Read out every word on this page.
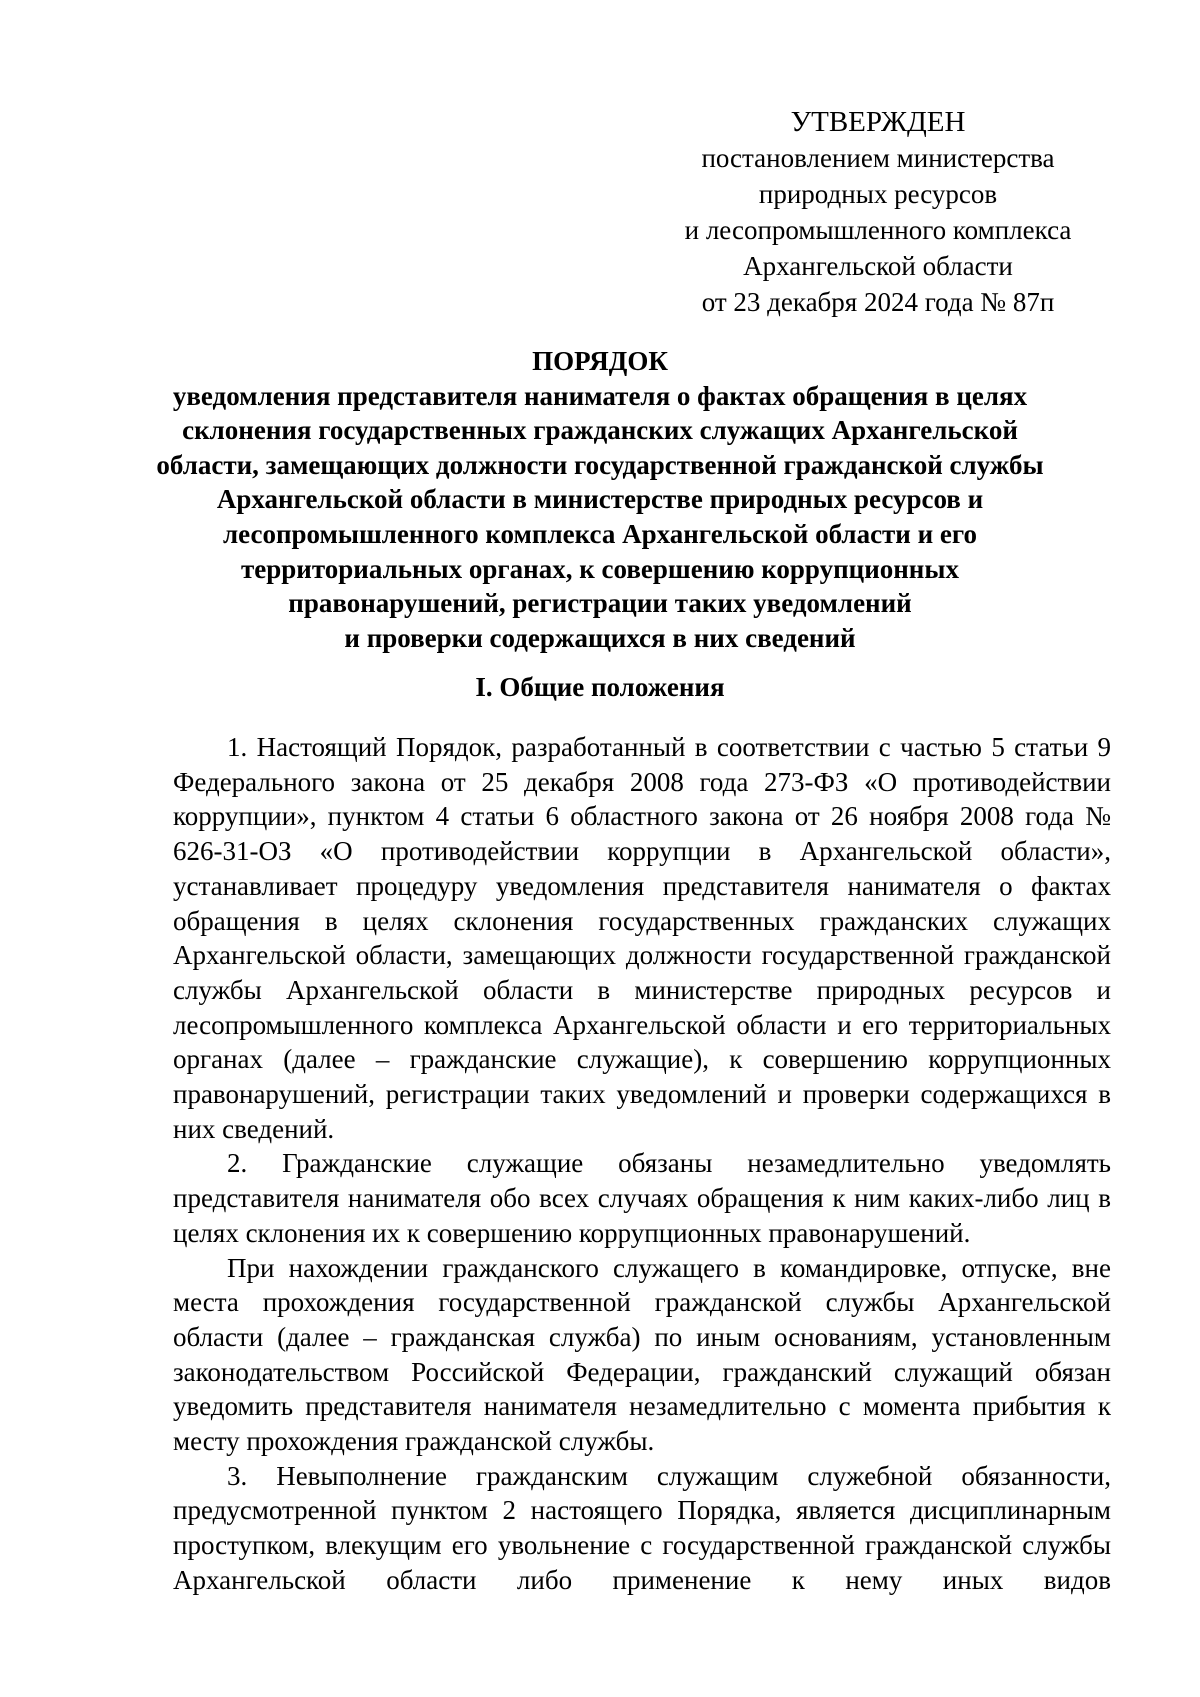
УТВЕРЖДЕН
постановлением министерства
природных ресурсов
и лесопромышленного комплекса
Архангельской области
от 23 декабря 2024 года № 87п
ПОРЯДОК
уведомления представителя нанимателя о фактах обращения в целях
склонения государственных гражданских служащих Архангельской
области, замещающих должности государственной гражданской службы
Архангельской области в министерстве природных ресурсов и
лесопромышленного комплекса Архангельской области и его
территориальных органах, к совершению коррупционных
правонарушений, регистрации таких уведомлений
и проверки содержащихся в них сведений
I. Общие положения

1. Настоящий Порядок, разработанный в соответствии с частью 5 статьи 9 Федерального закона от 25 декабря 2008 года 273-ФЗ «О противодействии коррупции», пунктом 4 статьи 6 областного закона от 26 ноября 2008 года № 626-31-ОЗ «О противодействии коррупции в Архангельской области», устанавливает процедуру уведомления представителя нанимателя о фактах обращения в целях склонения государственных гражданских служащих Архангельской области, замещающих должности государственной гражданской службы Архангельской области в министерстве природных ресурсов и лесопромышленного комплекса Архангельской области и его территориальных органах (далее – гражданские служащие), к совершению коррупционных правонарушений, регистрации таких уведомлений и проверки содержащихся в них сведений.

2. Гражданские служащие обязаны незамедлительно уведомлять представителя нанимателя обо всех случаях обращения к ним каких-либо лиц в целях склонения их к совершению коррупционных правонарушений.

При нахождении гражданского служащего в командировке, отпуске, вне места прохождения государственной гражданской службы Архангельской области (далее – гражданская служба) по иным основаниям, установленным законодательством Российской Федерации, гражданский служащий обязан уведомить представителя нанимателя незамедлительно с момента прибытия к месту прохождения гражданской службы.

3. Невыполнение гражданским служащим служебной обязанности, предусмотренной пунктом 2 настоящего Порядка, является дисциплинарным проступком, влекущим его увольнение с государственной гражданской службы Архангельской области либо применение к нему иных видов
